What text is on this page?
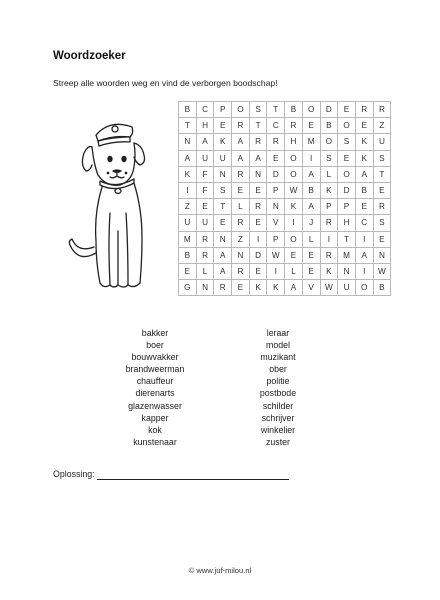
Woordzoeker
Streep alle woorden weg en vind de verborgen boodschap!
B	C	P	O	S	T	B	O	D	E	R	R
T	H	E	R	T	C	R	E	B	O	E	Z
N	A	K	A	R	R	H	M	O	S	K	U
A	U	U	A	A	E	O	I	S	E	K	S
K	F	N	R	N	D	O	A	L	O	A	T
I	F	S	E	E	P	W	B	K	D	B	E
Z	E	T	L	R	N	K	A	P	P	E	R
U	U	E	R	E	V	I	J	R	H	C	S
M	R	N	Z	I	P	O	L	I	T	I	E
B	R	A	N	D	W	E	E	R	M	A	N
E	L	A	R	E	I	L	E	K	N	I	W
G	N	R	E	K	K	A	V	W	U	O	B
bakker
boer
bouwvakker
brandweerman
chauffeur
dierenarts
glazenwasser
kapper
kok
kunstenaar
leraar
model
muzikant
ober
politie
postbode
schilder
schrijver
winkelier
zuster
Oplossing:
© www.juf-milou.nl
